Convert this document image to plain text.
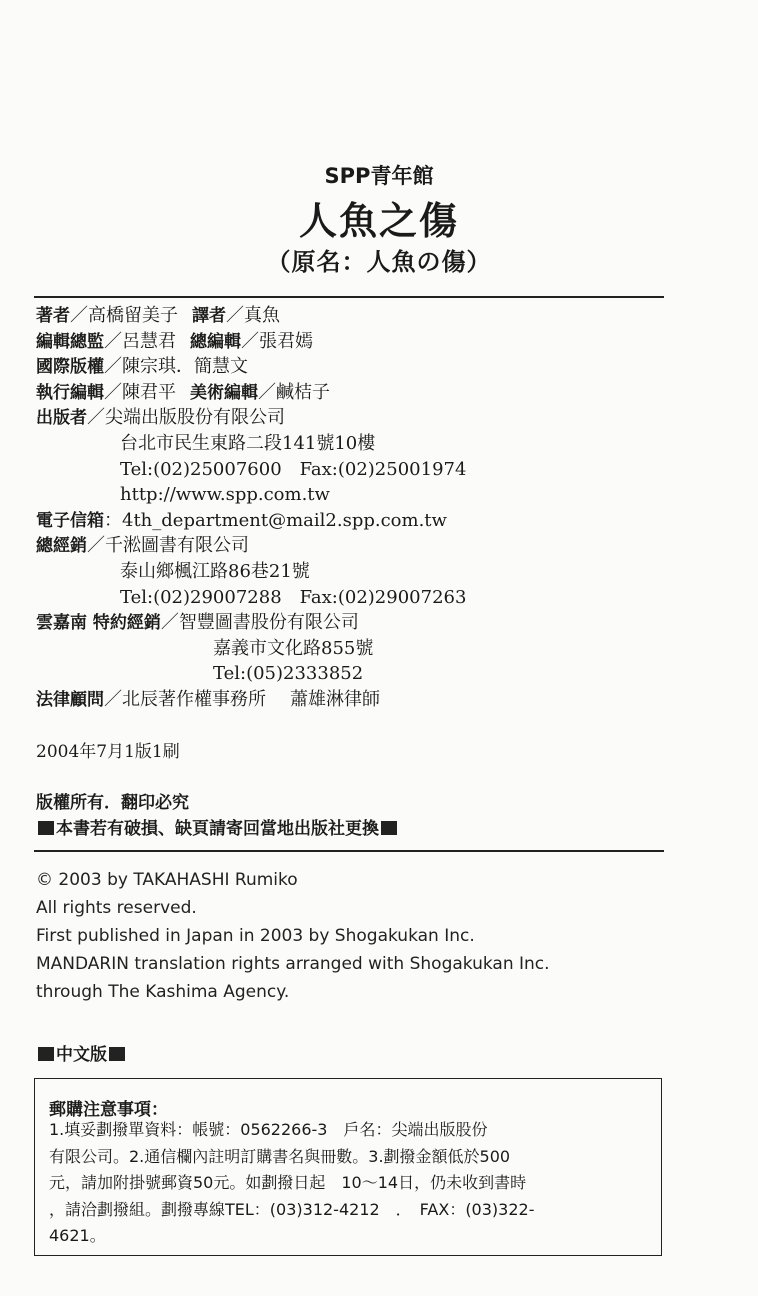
SPP青年館
人魚之傷
（原名：人魚の傷）
著者／高橋留美子 譯者／真魚
編輯總監／呂慧君 總編輯／張君嫣
國際版權／陳宗琪．簡慧文
執行編輯／陳君平 美術編輯／鹹桔子
出版者／尖端出版股份有限公司
台北市民生東路二段141號10樓
Tel:(02)25007600　Fax:(02)25001974
http://www.spp.com.tw
電子信箱：4th_department@mail2.spp.com.tw
總經銷／千淞圖書有限公司
泰山鄉楓江路86巷21號
Tel:(02)29007288　Fax:(02)29007263
雲嘉南 特約經銷／智豐圖書股份有限公司
嘉義市文化路855號
Tel:(05)2333852
法律顧問／北辰著作權事務所 蕭雄淋律師
2004年7月1版1刷
版權所有．翻印必究
本書若有破損、缺頁請寄回當地出版社更換
© 2003 by TAKAHASHI Rumiko
All rights reserved.
First published in Japan in 2003 by Shogakukan Inc.
MANDARIN translation rights arranged with Shogakukan Inc.
through The Kashima Agency.
中文版
郵購注意事項：
1.填妥劃撥單資料：帳號：0562266-3　戶名：尖端出版股份
有限公司。2.通信欄內註明訂購書名與冊數。3.劃撥金額低於500
元，請加附掛號郵資50元。如劃撥日起　10～14日，仍未收到書時
，請洽劃撥組。劃撥專線TEL：(03)312-4212　．　FAX：(03)322-
4621。
